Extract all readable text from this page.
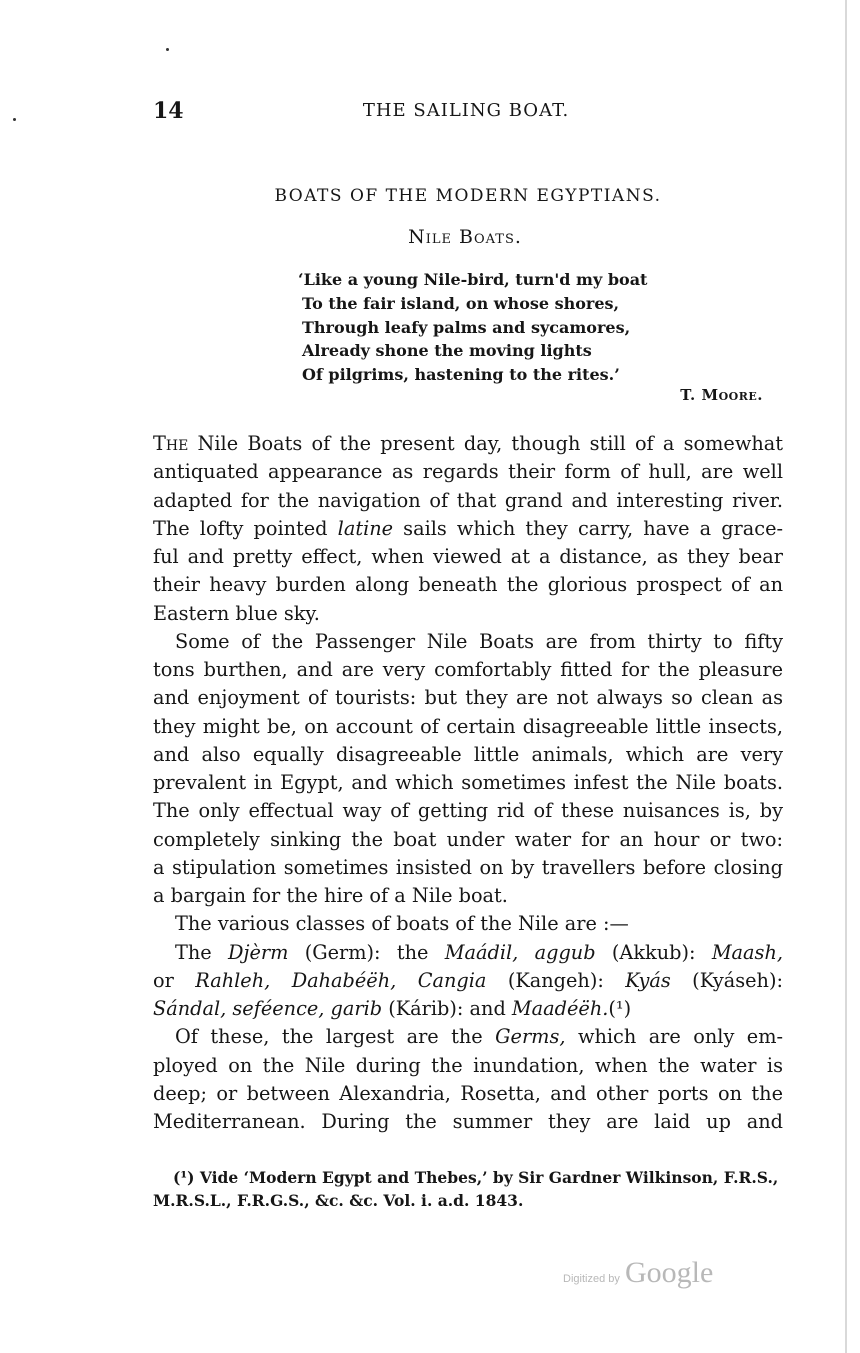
14	THE SAILING BOAT.
BOATS OF THE MODERN EGYPTIANS.
Nile Boats.
‘Like a young Nile-bird, turn'd my boat
To the fair island, on whose shores,
Through leafy palms and sycamores,
Already shone the moving lights
Of pilgrims, hastening to the rites.’
T. Moore.
The Nile Boats of the present day, though still of a somewhat
antiquated appearance as regards their form of hull, are well
adapted for the navigation of that grand and interesting river.
The lofty pointed latine sails which they carry, have a grace-
ful and pretty effect, when viewed at a distance, as they bear
their heavy burden along beneath the glorious prospect of an
Eastern blue sky.
Some of the Passenger Nile Boats are from thirty to fifty
tons burthen, and are very comfortably fitted for the pleasure
and enjoyment of tourists: but they are not always so clean as
they might be, on account of certain disagreeable little insects,
and also equally disagreeable little animals, which are very
prevalent in Egypt, and which sometimes infest the Nile boats.
The only effectual way of getting rid of these nuisances is, by
completely sinking the boat under water for an hour or two:
a stipulation sometimes insisted on by travellers before closing
a bargain for the hire of a Nile boat.
The various classes of boats of the Nile are :—
The Djèrm (Germ): the Maádil, aggub (Akkub): Maash,
or Rahleh, Dahabéëh, Cangia (Kangeh): Kyás (Kyáseh):
Sándal, seféence, garib (Kárib): and Maadéëh.(¹)
Of these, the largest are the Germs, which are only em-
ployed on the Nile during the inundation, when the water is
deep; or between Alexandria, Rosetta, and other ports on the
Mediterranean. During the summer they are laid up and
(¹) Vide ‘Modern Egypt and Thebes,’ by Sir Gardner Wilkinson, F.R.S.,
M.R.S.L., F.R.G.S., &c. &c. Vol. i. a.d. 1843.
Digitized by Google
